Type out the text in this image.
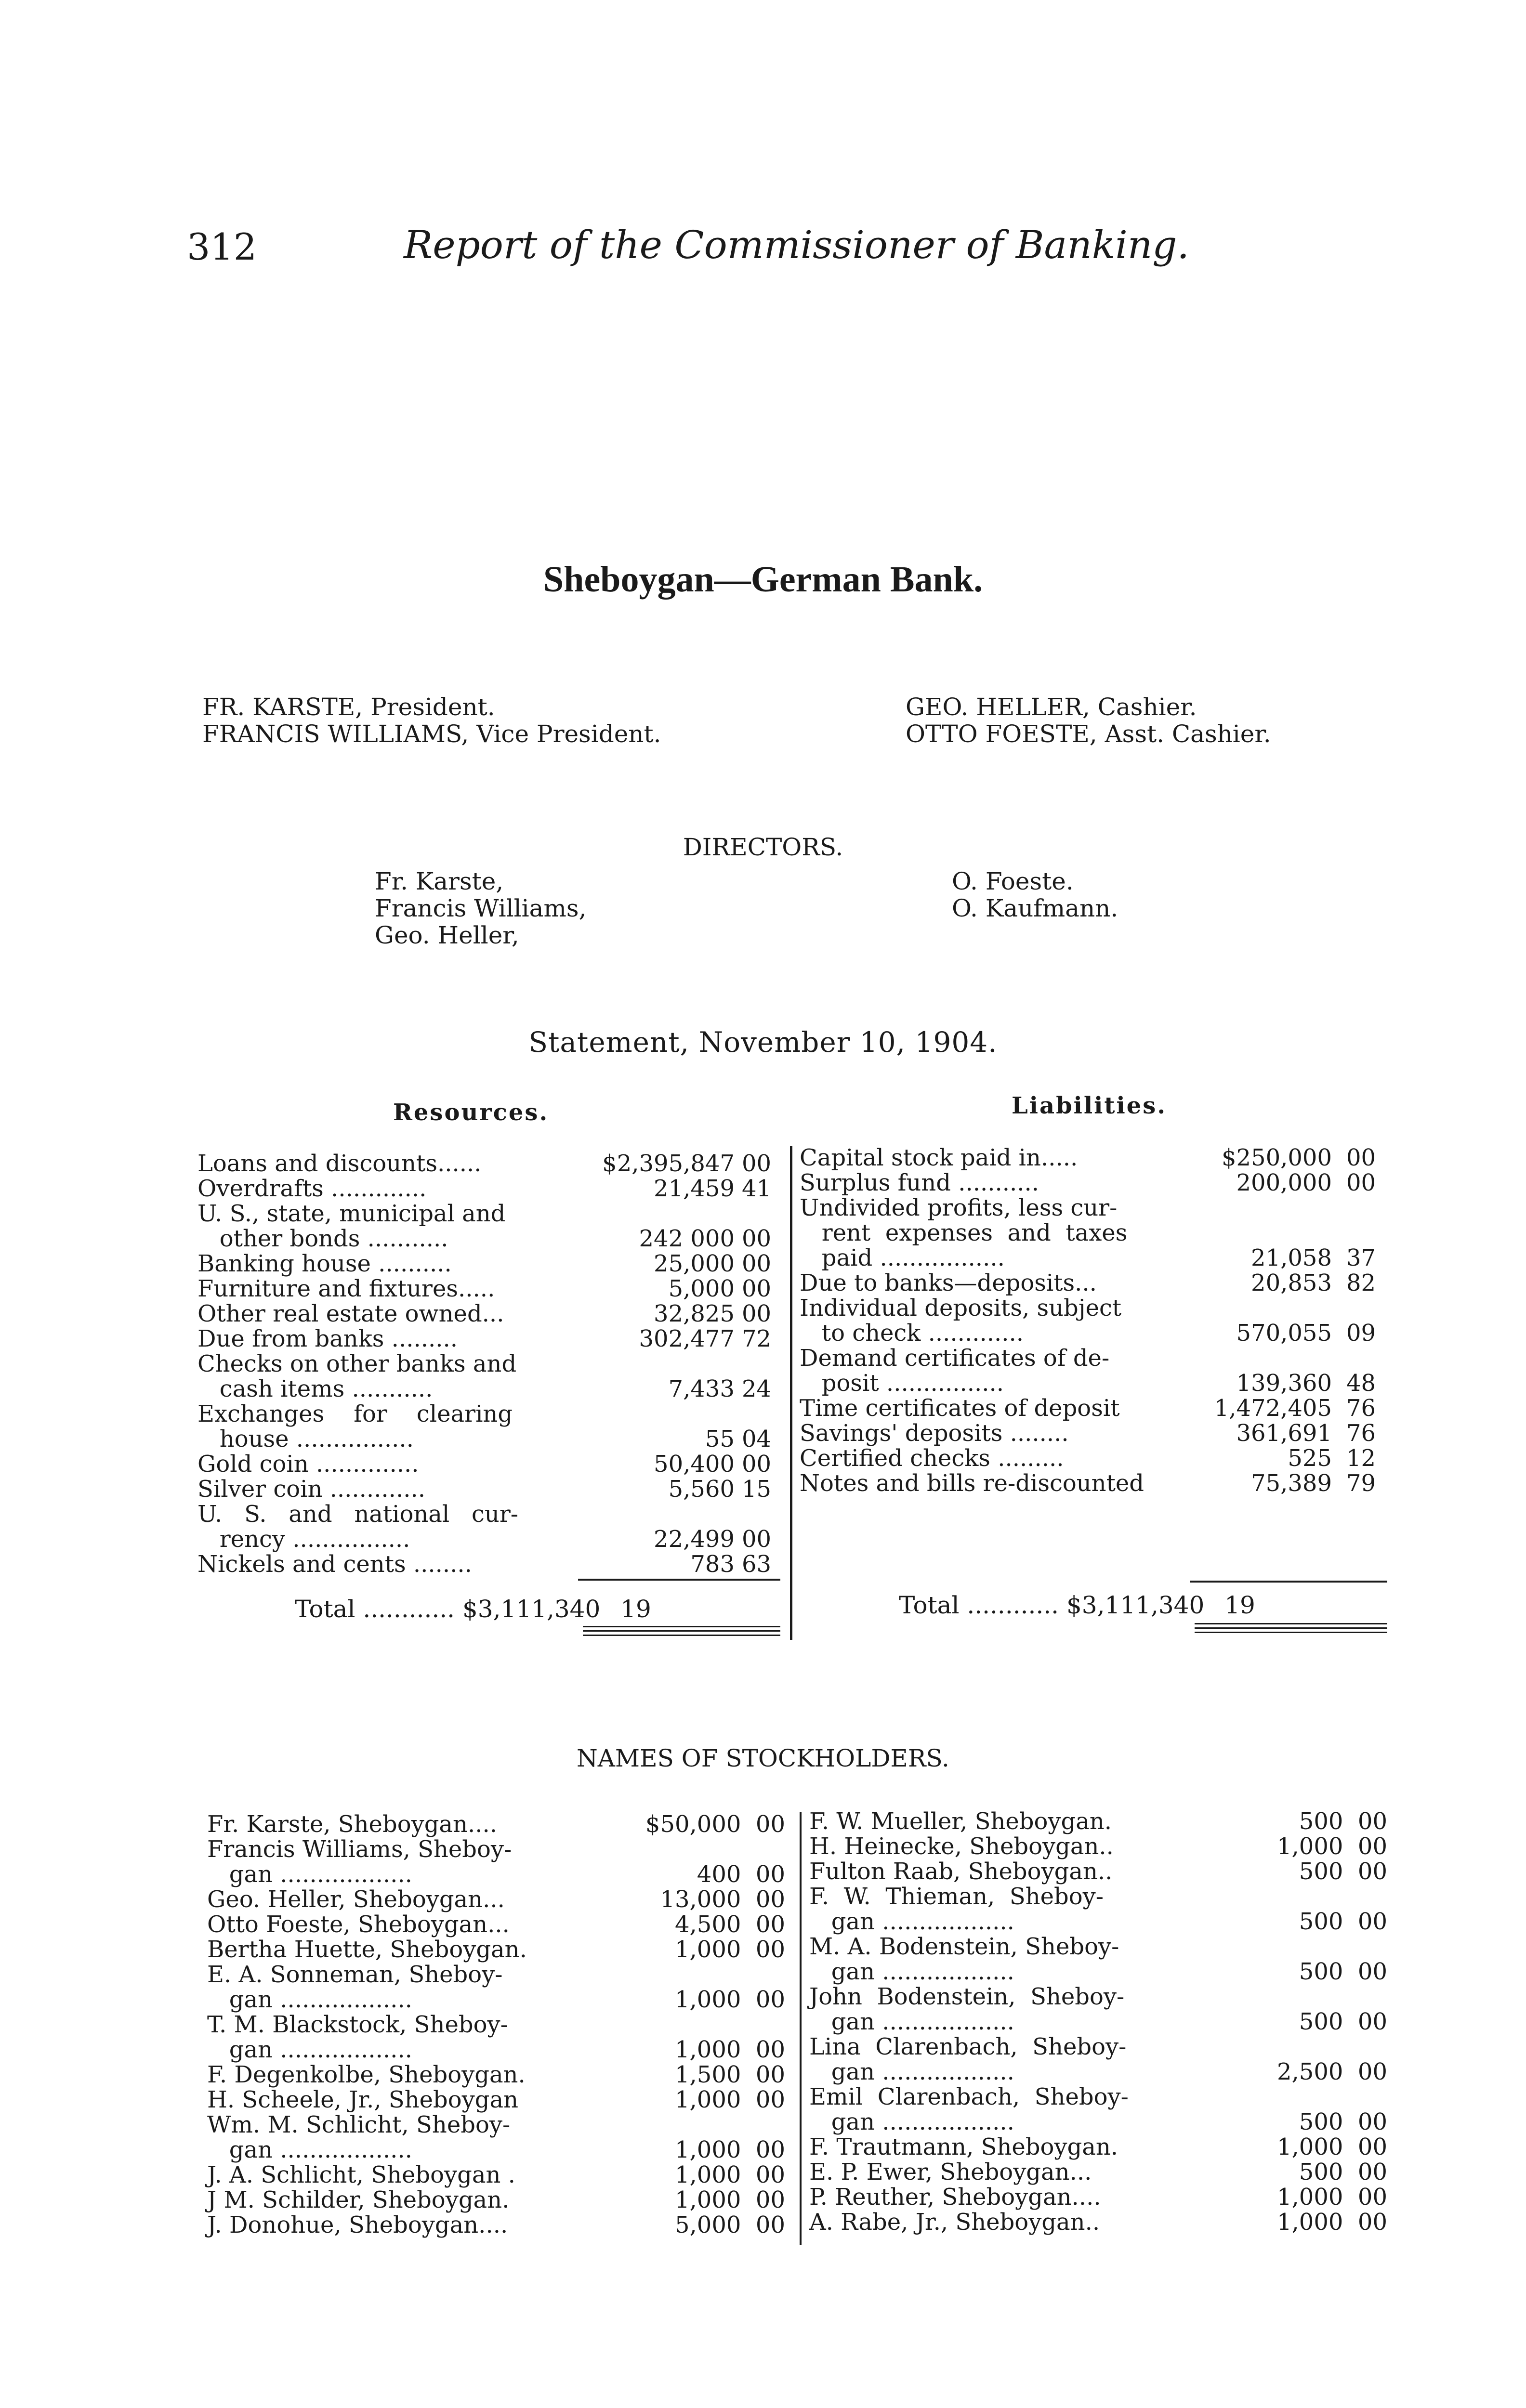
312	Report of the Commissioner of Banking.
Sheboygan—German Bank.
FR. KARSTE, President.
FRANCIS WILLIAMS, Vice President.
GEO. HELLER, Cashier.
OTTO FOESTE, Asst. Cashier.
DIRECTORS.
Fr. Karste,
Francis Williams,
Geo. Heller,
O. Foeste.
O. Kaufmann.
Statement, November 10, 1904.
Resources.	Liabilities.
Loans and discounts......	$2,395,847 00
Overdrafts .............	21,459 41
U. S., state, municipal and
other bonds ...........	242 000 00
Banking house ..........	25,000 00
Furniture and fixtures.....	5,000 00
Other real estate owned...	32,825 00
Due from banks .........	302,477 72
Checks on other banks and
cash items ...........	7,433 24
Exchanges    for    clearing
house ................	55 04
Gold coin ..............	50,400 00
Silver coin .............	5,560 15
U.   S.   and   national   cur-
rency ................	22,499 00
Nickels and cents ........	783 63
Capital stock paid in.....	$250,000 00
Surplus fund ...........	200,000 00
Undivided profits, less cur-
rent  expenses  and  taxes
paid .................	21,058 37
Due to banks—deposits...	20,853 82
Individual deposits, subject
to check .............	570,055 09
Demand certificates of de-
posit ................	139,360 48
Time certificates of deposit	1,472,405 76
Savings' deposits ........	361,691 76
Certified checks .........	525 12
Notes and bills re-discounted	75,389 79
Total ............ $3,111,340 19	Total ............ $3,111,340 19
NAMES OF STOCKHOLDERS.
Fr. Karste, Sheboygan....	$50,000  00
Francis Williams, Sheboy-
gan ..................	400  00
Geo. Heller, Sheboygan...	13,000  00
Otto Foeste, Sheboygan...	4,500  00
Bertha Huette, Sheboygan.	1,000  00
E. A. Sonneman, Sheboy-
gan ..................	1,000  00
T. M. Blackstock, Sheboy-
gan ..................	1,000  00
F. Degenkolbe, Sheboygan.	1,500  00
H. Scheele, Jr., Sheboygan	1,000  00
Wm. M. Schlicht, Sheboy-
gan ..................	1,000  00
J. A. Schlicht, Sheboygan .	1,000  00
J M. Schilder, Sheboygan.	1,000  00
J. Donohue, Sheboygan....	5,000  00
F. W. Mueller, Sheboygan.	500  00
H. Heinecke, Sheboygan..	1,000  00
Fulton Raab, Sheboygan..	500  00
F.  W.  Thieman,  Sheboy-
gan ..................	500  00
M. A. Bodenstein, Sheboy-
gan ..................	500  00
John  Bodenstein,  Sheboy-
gan ..................	500  00
Lina  Clarenbach,  Sheboy-
gan ..................	2,500  00
Emil  Clarenbach,  Sheboy-
gan ..................	500  00
F. Trautmann, Sheboygan.	1,000  00
E. P. Ewer, Sheboygan...	500  00
P. Reuther, Sheboygan....	1,000  00
A. Rabe, Jr., Sheboygan..	1,000  00
